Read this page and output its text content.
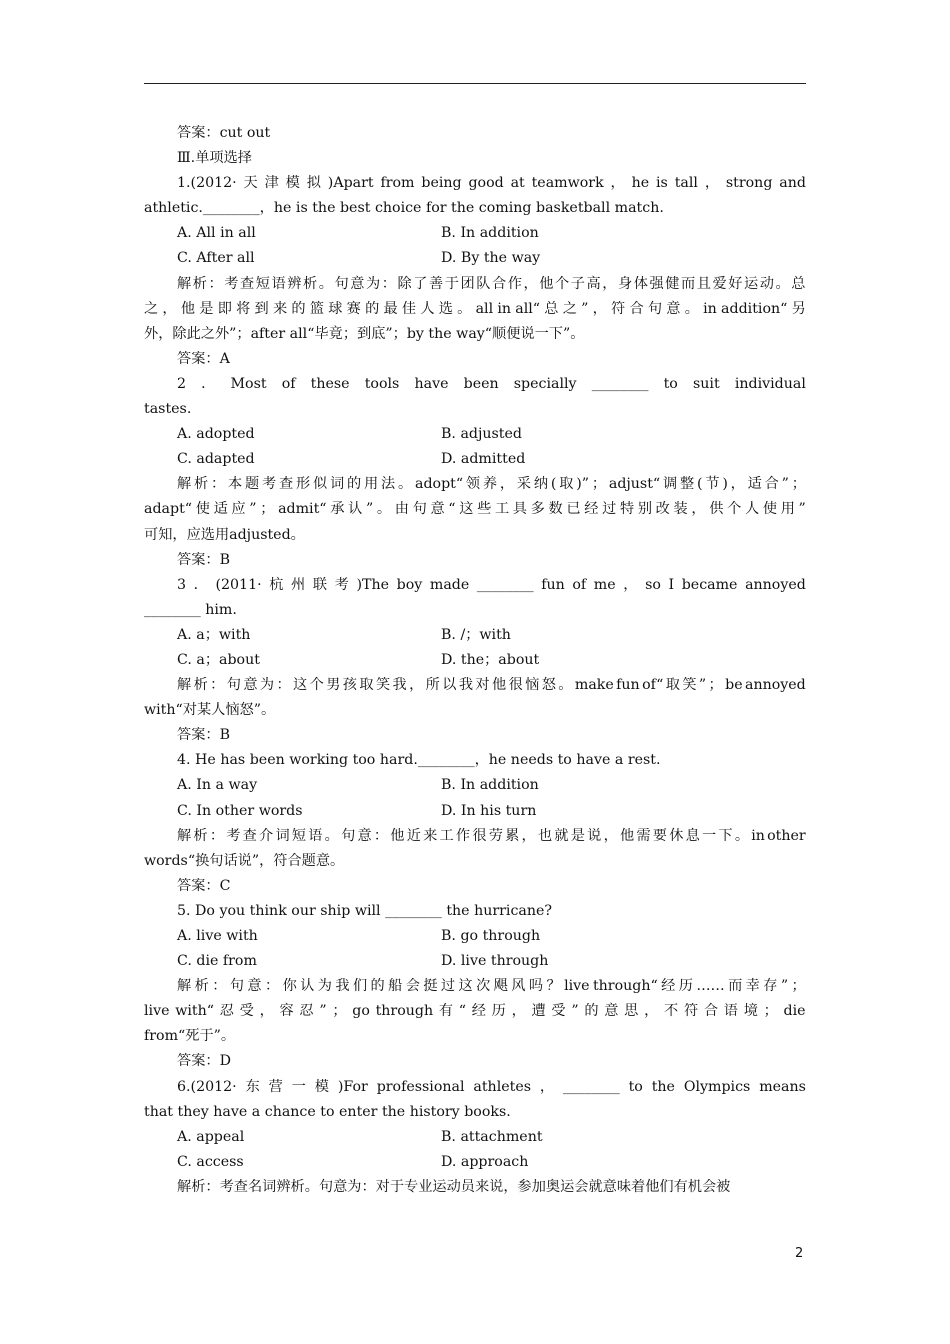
答案：cut out
Ⅲ.单项选择
1.(2012· 天 津 模 拟 )Apart from being good at teamwork ， he is tall ， strong and
athletic.________，he is the best choice for the coming basketball match.
A. All in all	B. In addition
C. After all	D. By the way
解 析 ： 考 查 短 语 辨 析 。 句 意 为 ： 除 了 善 于 团 队 合 作 ， 他 个 子 高 ， 身 体 强 健 而 且 爱 好 运 动 。 总
之 ， 他 是 即 将 到 来 的 篮 球 赛 的 最 佳 人 选 。 all in all“ 总 之 ” ， 符 合 句 意 。 in addition“ 另
外，除此之外”；after all“毕竟；到底”；by the way“顺便说一下”。
答案：A
2 ． Most of these tools have been specially ________ to suit individual
tastes.
A. adopted	B. adjusted
C. adapted	D. admitted
解 析 ： 本 题 考 查 形 似 词 的 用 法 。 adopt“ 领 养 ， 采 纳 ( 取 )” ； adjust“ 调 整 ( 节 ) ， 适 合 ” ；
adapt“ 使 适 应 ” ； admit“ 承 认 ” 。 由 句 意 “ 这 些 工 具 多 数 已 经 过 特 别 改 装 ， 供 个 人 使 用 ”
可知，应选用adjusted。
答案：B
3 ． (2011· 杭 州 联 考 )The boy made ________ fun of me ， so I became annoyed
________ him.
A. a；with	B. /；with
C. a；about	D. the；about
解 析 ： 句 意 为 ： 这 个 男 孩 取 笑 我 ， 所 以 我 对 他 很 恼 怒 。 make fun of“ 取 笑 ” ； be annoyed
with“对某人恼怒”。
答案：B
4. He has been working too hard.________，he needs to have a rest.
A. In a way	B. In addition
C. In other words	D. In his turn
解 析 ： 考 查 介 词 短 语 。 句 意 ： 他 近 来 工 作 很 劳 累 ， 也 就 是 说 ， 他 需 要 休 息 一 下 。 in other
words“换句话说”，符合题意。
答案：C
5. Do you think our ship will ________ the hurricane?
A. live with	B. go through
C. die from	D. live through
解 析 ： 句 意 ： 你 认 为 我 们 的 船 会 挺 过 这 次 飓 风 吗 ？ live through“ 经 历 …… 而 幸 存 ” ；
live with“ 忍 受 ， 容 忍 ” ； go through 有 “ 经 历 ， 遭 受 ” 的 意 思 ， 不 符 合 语 境 ； die
from“死于”。
答案：D
6.(2012· 东 营 一 模 )For professional athletes ， ________ to the Olympics means
that they have a chance to enter the history books.
A. appeal	B. attachment
C. access	D. approach
解析：考查名词辨析。句意为：对于专业运动员来说，参加奥运会就意味着他们有机会被
2
